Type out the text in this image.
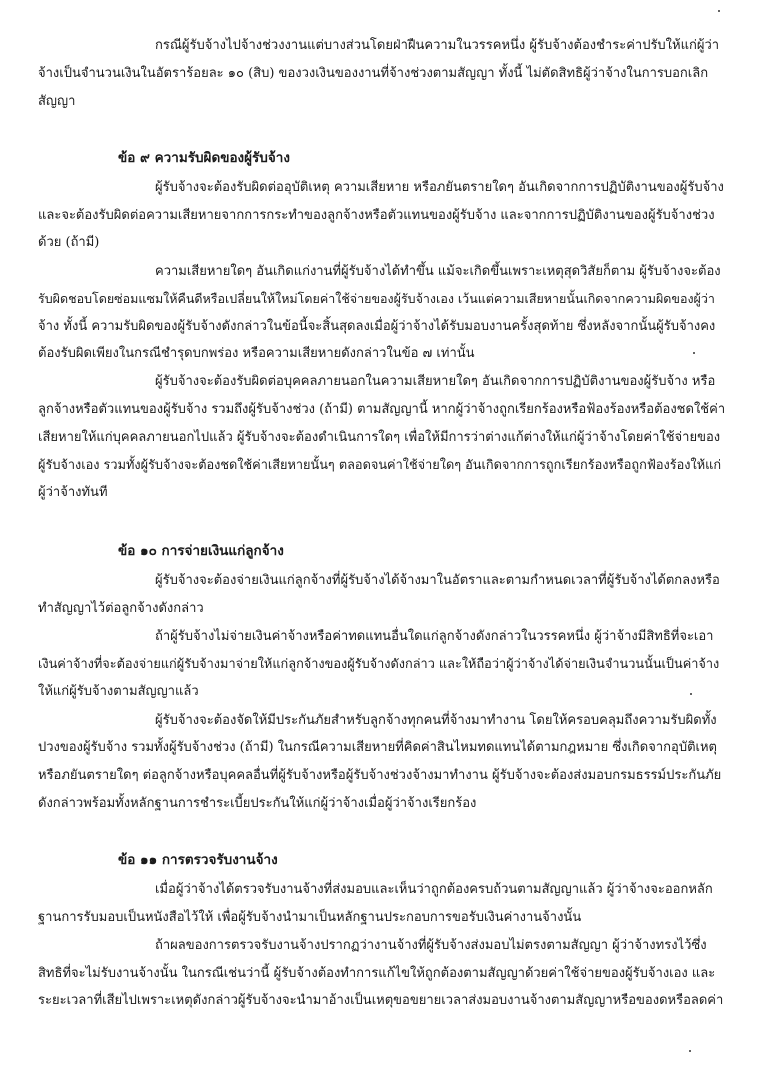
กรณีผู้รับจ้างไปจ้างช่วงงานแต่บางส่วนโดยฝ่าฝืนความในวรรคหนึ่ง ผู้รับจ้างต้องชำระค่าปรับให้แก่ผู้ว่า
จ้างเป็นจำนวนเงินในอัตราร้อยละ ๑๐ (สิบ) ของวงเงินของงานที่จ้างช่วงตามสัญญา ทั้งนี้ ไม่ตัดสิทธิผู้ว่าจ้างในการบอกเลิก
สัญญา
ข้อ ๙ ความรับผิดของผู้รับจ้าง
ผู้รับจ้างจะต้องรับผิดต่ออุบัติเหตุ ความเสียหาย หรือภยันตรายใดๆ อันเกิดจากการปฏิบัติงานของผู้รับจ้าง
และจะต้องรับผิดต่อความเสียหายจากการกระทำของลูกจ้างหรือตัวแทนของผู้รับจ้าง และจากการปฏิบัติงานของผู้รับจ้างช่วง
ด้วย (ถ้ามี)
ความเสียหายใดๆ อันเกิดแก่งานที่ผู้รับจ้างได้ทำขึ้น แม้จะเกิดขึ้นเพราะเหตุสุดวิสัยก็ตาม ผู้รับจ้างจะต้อง
รับผิดชอบโดยซ่อมแซมให้คืนดีหรือเปลี่ยนให้ใหม่โดยค่าใช้จ่ายของผู้รับจ้างเอง เว้นแต่ความเสียหายนั้นเกิดจากความผิดของผู้ว่า
จ้าง ทั้งนี้ ความรับผิดของผู้รับจ้างดังกล่าวในข้อนี้จะสิ้นสุดลงเมื่อผู้ว่าจ้างได้รับมอบงานครั้งสุดท้าย ซึ่งหลังจากนั้นผู้รับจ้างคง
ต้องรับผิดเพียงในกรณีชำรุดบกพร่อง หรือความเสียหายดังกล่าวในข้อ ๗ เท่านั้น
ผู้รับจ้างจะต้องรับผิดต่อบุคคลภายนอกในความเสียหายใดๆ อันเกิดจากการปฏิบัติงานของผู้รับจ้าง หรือ
ลูกจ้างหรือตัวแทนของผู้รับจ้าง รวมถึงผู้รับจ้างช่วง (ถ้ามี) ตามสัญญานี้ หากผู้ว่าจ้างถูกเรียกร้องหรือฟ้องร้องหรือต้องชดใช้ค่า
เสียหายให้แก่บุคคลภายนอกไปแล้ว ผู้รับจ้างจะต้องดำเนินการใดๆ เพื่อให้มีการว่าต่างแก้ต่างให้แก่ผู้ว่าจ้างโดยค่าใช้จ่ายของ
ผู้รับจ้างเอง รวมทั้งผู้รับจ้างจะต้องชดใช้ค่าเสียหายนั้นๆ ตลอดจนค่าใช้จ่ายใดๆ อันเกิดจากการถูกเรียกร้องหรือถูกฟ้องร้องให้แก่
ผู้ว่าจ้างทันที
ข้อ ๑๐ การจ่ายเงินแก่ลูกจ้าง
ผู้รับจ้างจะต้องจ่ายเงินแก่ลูกจ้างที่ผู้รับจ้างได้จ้างมาในอัตราและตามกำหนดเวลาที่ผู้รับจ้างได้ตกลงหรือ
ทำสัญญาไว้ต่อลูกจ้างดังกล่าว
ถ้าผู้รับจ้างไม่จ่ายเงินค่าจ้างหรือค่าทดแทนอื่นใดแก่ลูกจ้างดังกล่าวในวรรคหนึ่ง ผู้ว่าจ้างมีสิทธิที่จะเอา
เงินค่าจ้างที่จะต้องจ่ายแก่ผู้รับจ้างมาจ่ายให้แก่ลูกจ้างของผู้รับจ้างดังกล่าว และให้ถือว่าผู้ว่าจ้างได้จ่ายเงินจำนวนนั้นเป็นค่าจ้าง
ให้แก่ผู้รับจ้างตามสัญญาแล้ว
ผู้รับจ้างจะต้องจัดให้มีประกันภัยสำหรับลูกจ้างทุกคนที่จ้างมาทำงาน โดยให้ครอบคลุมถึงความรับผิดทั้ง
ปวงของผู้รับจ้าง รวมทั้งผู้รับจ้างช่วง (ถ้ามี) ในกรณีความเสียหายที่คิดค่าสินไหมทดแทนได้ตามกฎหมาย ซึ่งเกิดจากอุบัติเหตุ
หรือภยันตรายใดๆ ต่อลูกจ้างหรือบุคคลอื่นที่ผู้รับจ้างหรือผู้รับจ้างช่วงจ้างมาทำงาน ผู้รับจ้างจะต้องส่งมอบกรมธรรม์ประกันภัย
ดังกล่าวพร้อมทั้งหลักฐานการชำระเบี้ยประกันให้แก่ผู้ว่าจ้างเมื่อผู้ว่าจ้างเรียกร้อง
ข้อ ๑๑ การตรวจรับงานจ้าง
เมื่อผู้ว่าจ้างได้ตรวจรับงานจ้างที่ส่งมอบและเห็นว่าถูกต้องครบถ้วนตามสัญญาแล้ว ผู้ว่าจ้างจะออกหลัก
ฐานการรับมอบเป็นหนังสือไว้ให้ เพื่อผู้รับจ้างนำมาเป็นหลักฐานประกอบการขอรับเงินค่างานจ้างนั้น
ถ้าผลของการตรวจรับงานจ้างปรากฏว่างานจ้างที่ผู้รับจ้างส่งมอบไม่ตรงตามสัญญา ผู้ว่าจ้างทรงไว้ซึ่ง
สิทธิที่จะไม่รับงานจ้างนั้น ในกรณีเช่นว่านี้ ผู้รับจ้างต้องทำการแก้ไขให้ถูกต้องตามสัญญาด้วยค่าใช้จ่ายของผู้รับจ้างเอง และ
ระยะเวลาที่เสียไปเพราะเหตุดังกล่าวผู้รับจ้างจะนำมาอ้างเป็นเหตุขอขยายเวลาส่งมอบงานจ้างตามสัญญาหรือของดหรือลดค่า
